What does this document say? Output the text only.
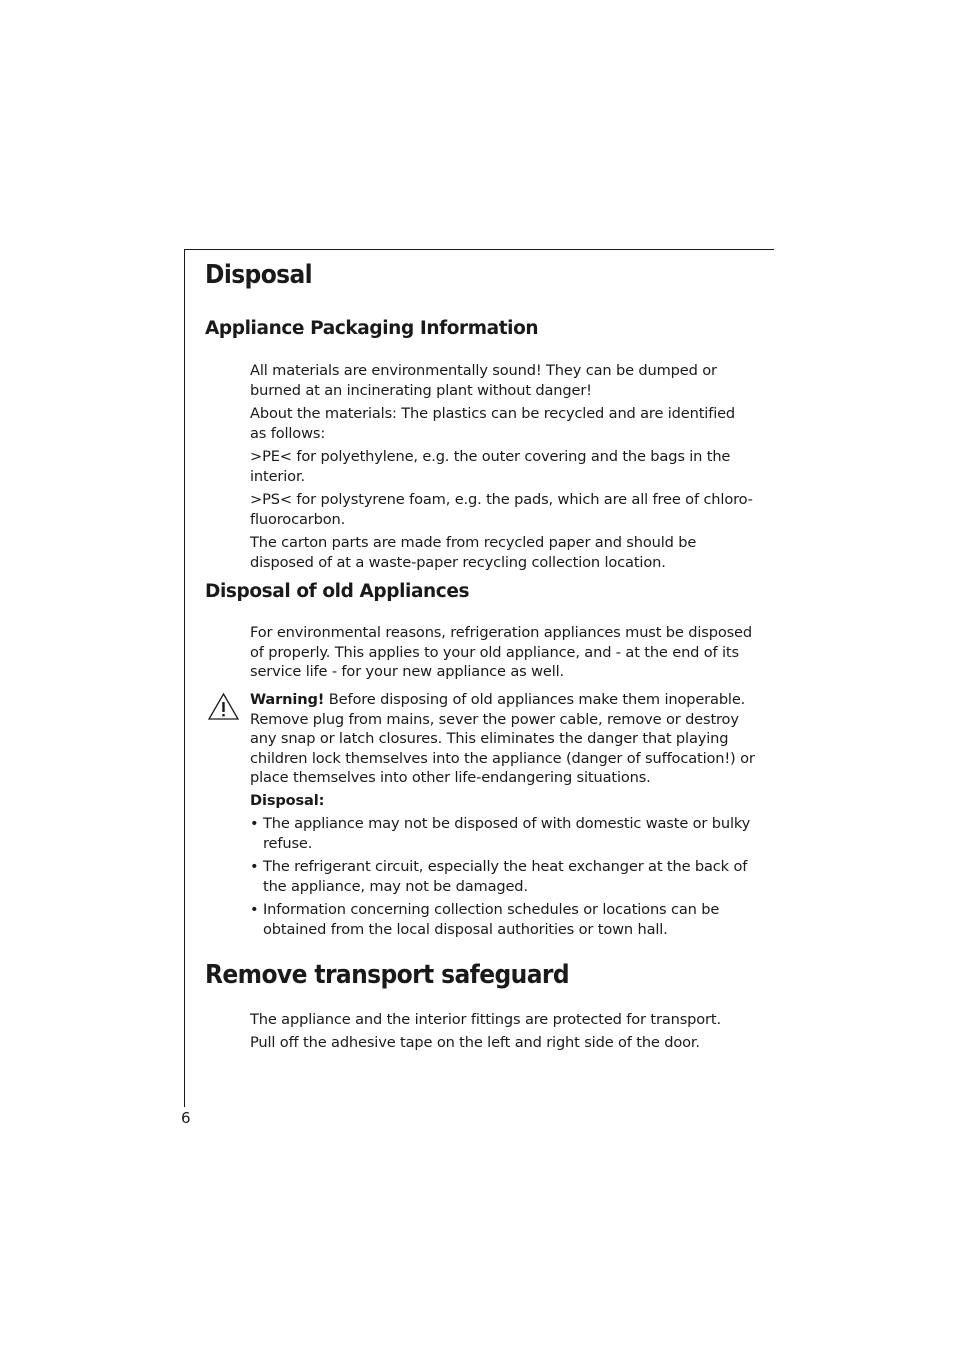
Disposal
Appliance Packaging Information

All materials are environmentally sound! They can be dumped or burned at an incinerating plant without danger!

About the materials: The plastics can be recycled and are identified as follows:

>PE< for polyethylene, e.g. the outer covering and the bags in the interior.

>PS< for polystyrene foam, e.g. the pads, which are all free of chloro-fluorocarbon.

The carton parts are made from recycled paper and should be disposed of at a waste-paper recycling collection location.

Disposal of old Appliances

For environmental reasons, refrigeration appliances must be disposed of properly. This applies to your old appliance, and - at the end of its service life - for your new appliance as well.

Warning! Before disposing of old appliances make them inoperable. Remove plug from mains, sever the power cable, remove or destroy any snap or latch closures. This eliminates the danger that playing children lock themselves into the appliance (danger of suffocation!) or place themselves into other life-endangering situations.

Disposal:

• The appliance may not be disposed of with domestic waste or bulky refuse.
• The refrigerant circuit, especially the heat exchanger at the back of the appliance, may not be damaged.
• Information concerning collection schedules or locations can be obtained from the local disposal authorities or town hall.
Remove transport safeguard

The appliance and the interior fittings are protected for transport.

Pull off the adhesive tape on the left and right side of the door.

6
